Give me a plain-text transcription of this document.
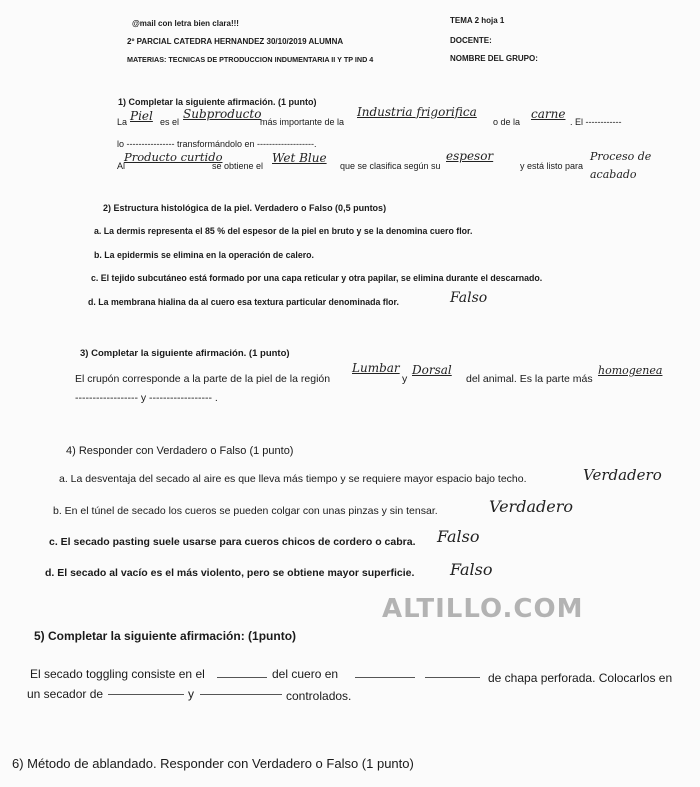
@mail con letra bien clara!!!	TEMA 2 hoja 1
2º PARCIAL CATEDRA HERNANDEZ 30/10/2019 ALUMNA	DOCENTE:
MATERIAS: TECNICAS DE PTRODUCCION INDUMENTARIA II Y TP IND 4	NOMBRE DEL GRUPO:
1) Completar la siguiente afirmación. (1 punto)
La Piel es el
Subproducto
más importante de la
Industria frigorifica
o de la
carne
. El ------------
lo ---------------- transformándolo en -------------------.
Al
Producto curtido
se obtiene el
Wet Blue
que se clasifica según su
espesor
y está listo para
Proceso de acabado
2) Estructura histológica de la piel. Verdadero o Falso (0,5 puntos)
a. La dermis representa el 85 % del espesor de la piel en bruto y se la denomina cuero flor.
b. La epidermis se elimina en la operación de calero.
c. El tejido subcutáneo está formado por una capa reticular y otra papilar, se elimina durante el descarnado.
d. La membrana hialina da al cuero esa textura particular denominada flor.	Falso
3) Completar la siguiente afirmación. (1 punto)
El crupón corresponde a la parte de la piel de la región
Lumbar
y
Dorsal
del animal. Es la parte más
homogenea
------------------ y ------------------ .
4) Responder con Verdadero o Falso (1 punto)
a. La desventaja del secado al aire es que lleva más tiempo y se requiere mayor espacio bajo techo.	Verdadero
b. En el túnel de secado los cueros se pueden colgar con unas pinzas y sin tensar.	Verdadero
c. El secado pasting suele usarse para cueros chicos de cordero o cabra. Falso
d. El secado al vacío es el más violento, pero se obtiene mayor superficie. Falso
ALTILLO.COM
5) Completar la siguiente afirmación: (1punto)
El secado toggling consiste en el	del cuero en	de chapa perforada. Colocarlos en
un secador de	y	controlados.
6) Método de ablandado. Responder con Verdadero o Falso (1 punto)
